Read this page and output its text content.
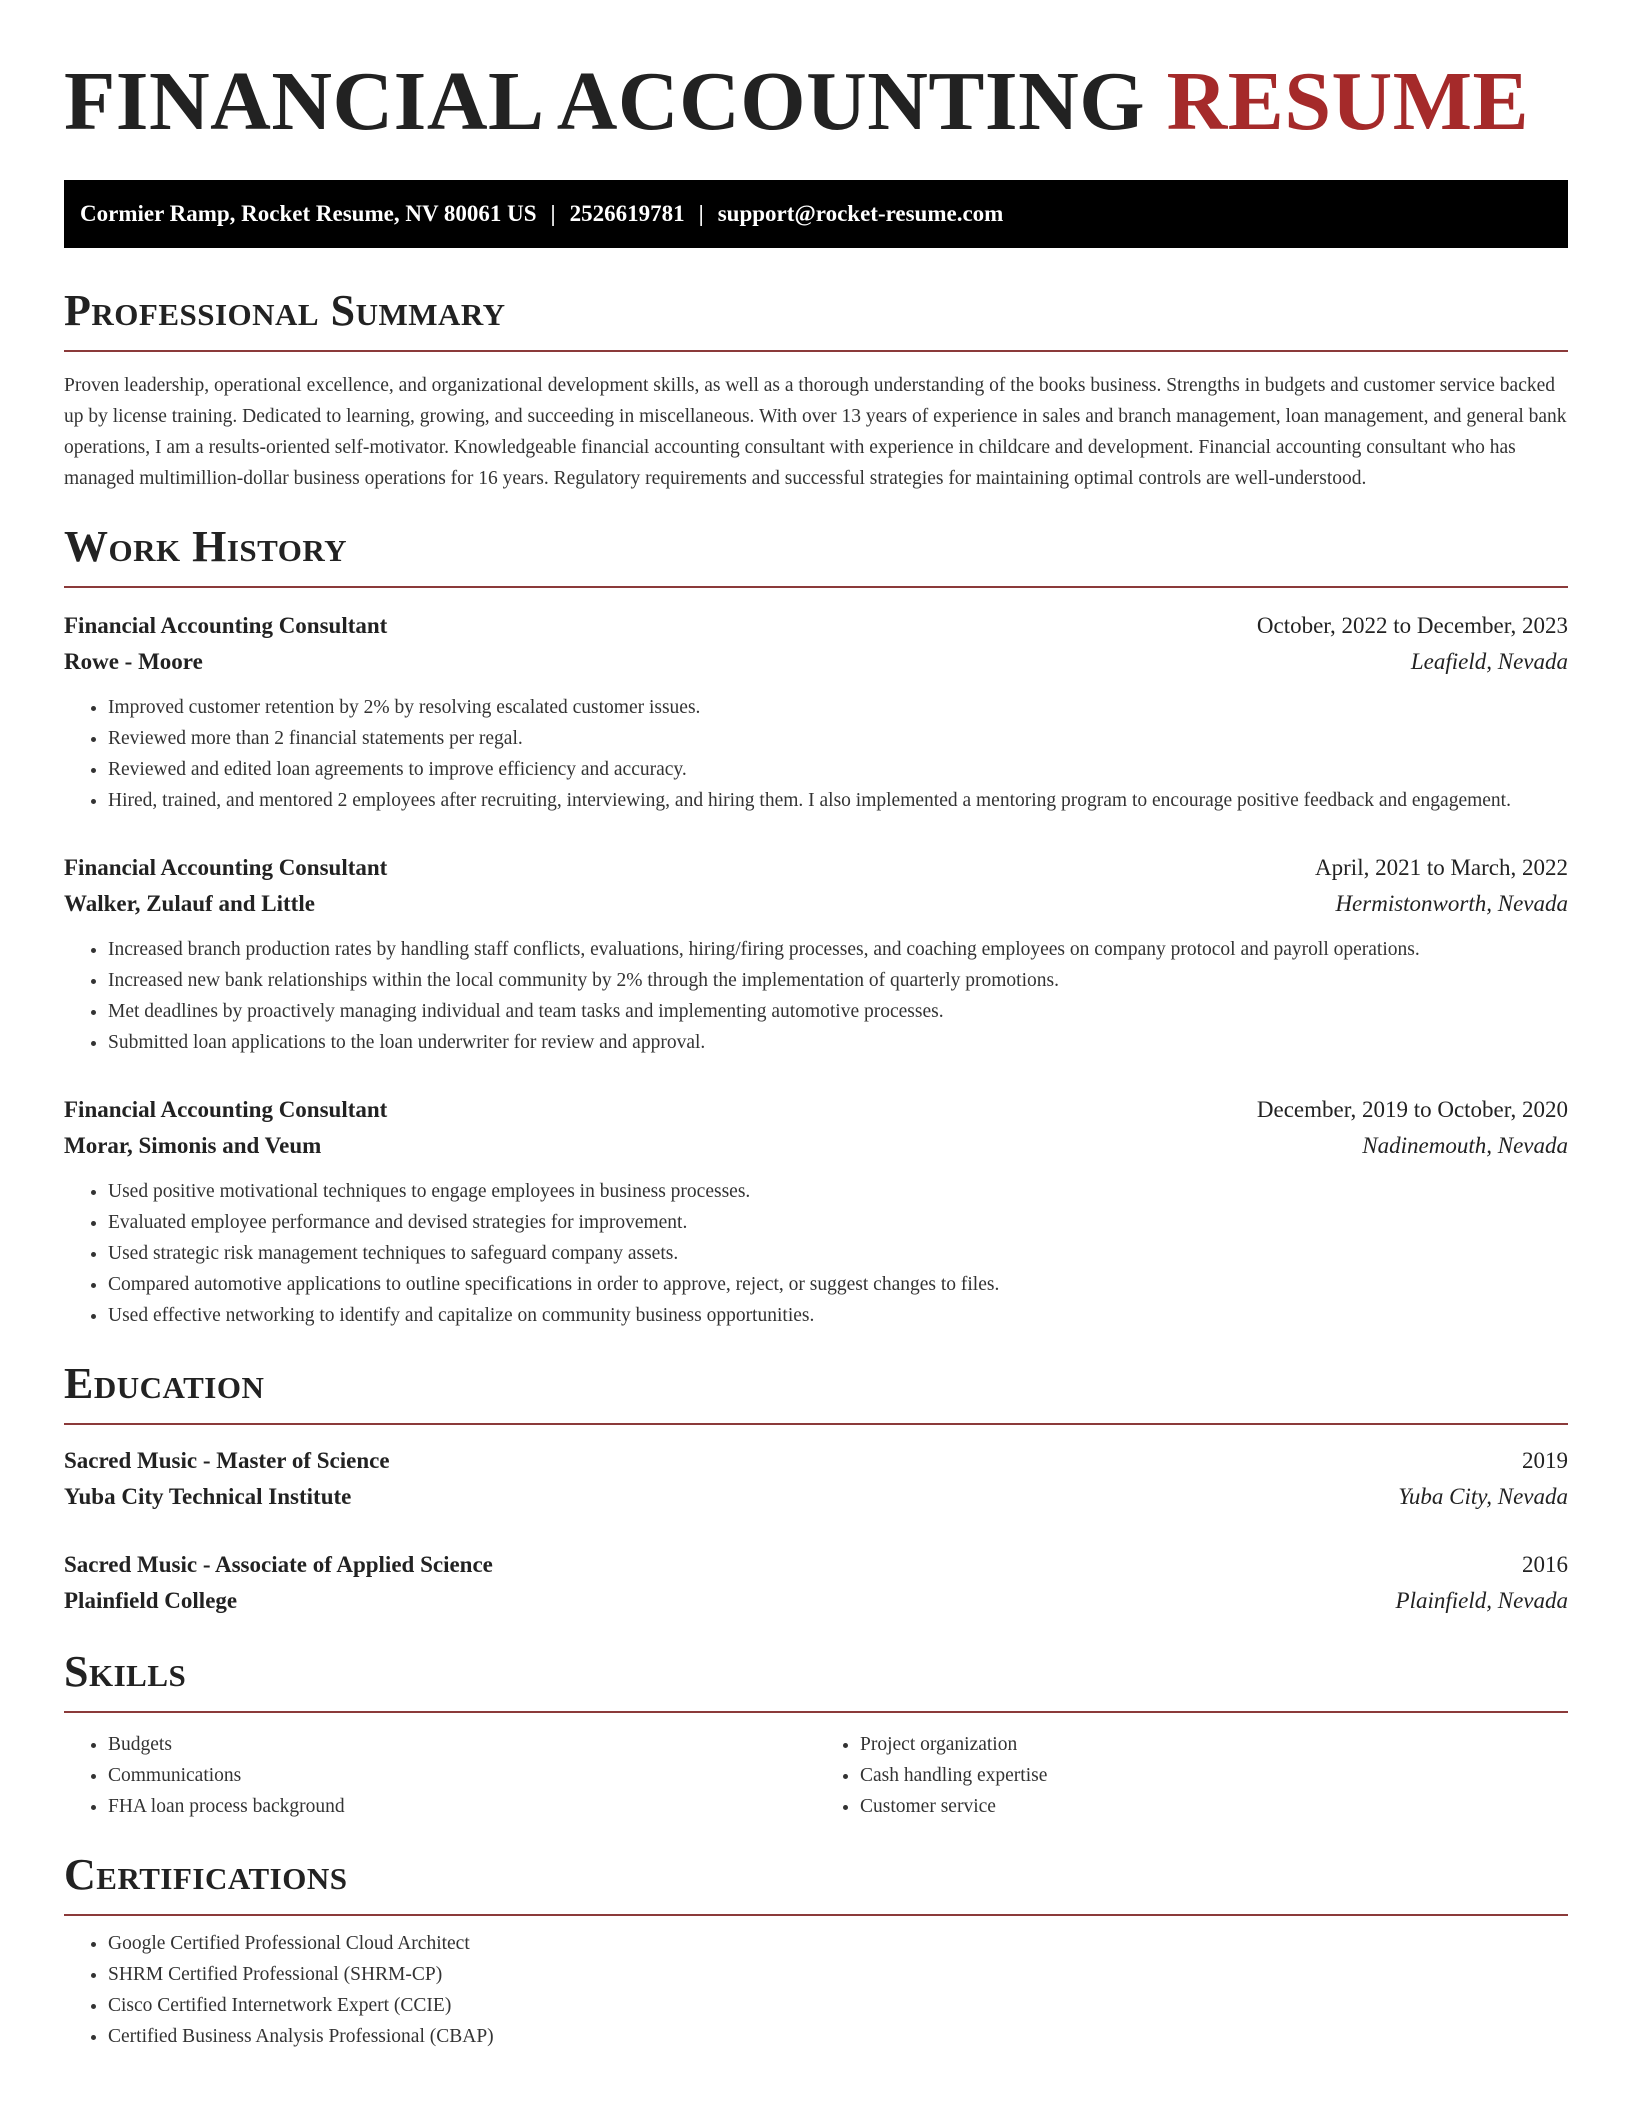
FINANCIAL ACCOUNTING RESUME
Cormier Ramp, Rocket Resume, NV 80061 US | 2526619781 | support@rocket-resume.com
Professional Summary

Proven leadership, operational excellence, and organizational development skills, as well as a thorough understanding of the books business. Strengths in budgets and customer service backed up by license training. Dedicated to learning, growing, and succeeding in miscellaneous. With over 13 years of experience in sales and branch management, loan management, and general bank operations, I am a results-oriented self-motivator. Knowledgeable financial accounting consultant with experience in childcare and development. Financial accounting consultant who has managed multimillion-dollar business operations for 16 years. Regulatory requirements and successful strategies for maintaining optimal controls are well-understood.

Work History
Financial Accounting Consultant	October, 2022 to December, 2023
Rowe - Moore	Leafield, Nevada
• Improved customer retention by 2% by resolving escalated customer issues.
• Reviewed more than 2 financial statements per regal.
• Reviewed and edited loan agreements to improve efficiency and accuracy.
• Hired, trained, and mentored 2 employees after recruiting, interviewing, and hiring them. I also implemented a mentoring program to encourage positive feedback and engagement.
Financial Accounting Consultant	April, 2021 to March, 2022
Walker, Zulauf and Little	Hermistonworth, Nevada
• Increased branch production rates by handling staff conflicts, evaluations, hiring/firing processes, and coaching employees on company protocol and payroll operations.
• Increased new bank relationships within the local community by 2% through the implementation of quarterly promotions.
• Met deadlines by proactively managing individual and team tasks and implementing automotive processes.
• Submitted loan applications to the loan underwriter for review and approval.
Financial Accounting Consultant	December, 2019 to October, 2020
Morar, Simonis and Veum	Nadinemouth, Nevada
• Used positive motivational techniques to engage employees in business processes.
• Evaluated employee performance and devised strategies for improvement.
• Used strategic risk management techniques to safeguard company assets.
• Compared automotive applications to outline specifications in order to approve, reject, or suggest changes to files.
• Used effective networking to identify and capitalize on community business opportunities.
Education
Sacred Music - Master of Science	2019
Yuba City Technical Institute	Yuba City, Nevada
Sacred Music - Associate of Applied Science	2016
Plainfield College	Plainfield, Nevada
Skills
• Budgets
• Communications
• FHA loan process background
• Project organization
• Cash handling expertise
• Customer service
Certifications
• Google Certified Professional Cloud Architect
• SHRM Certified Professional (SHRM-CP)
• Cisco Certified Internetwork Expert (CCIE)
• Certified Business Analysis Professional (CBAP)
